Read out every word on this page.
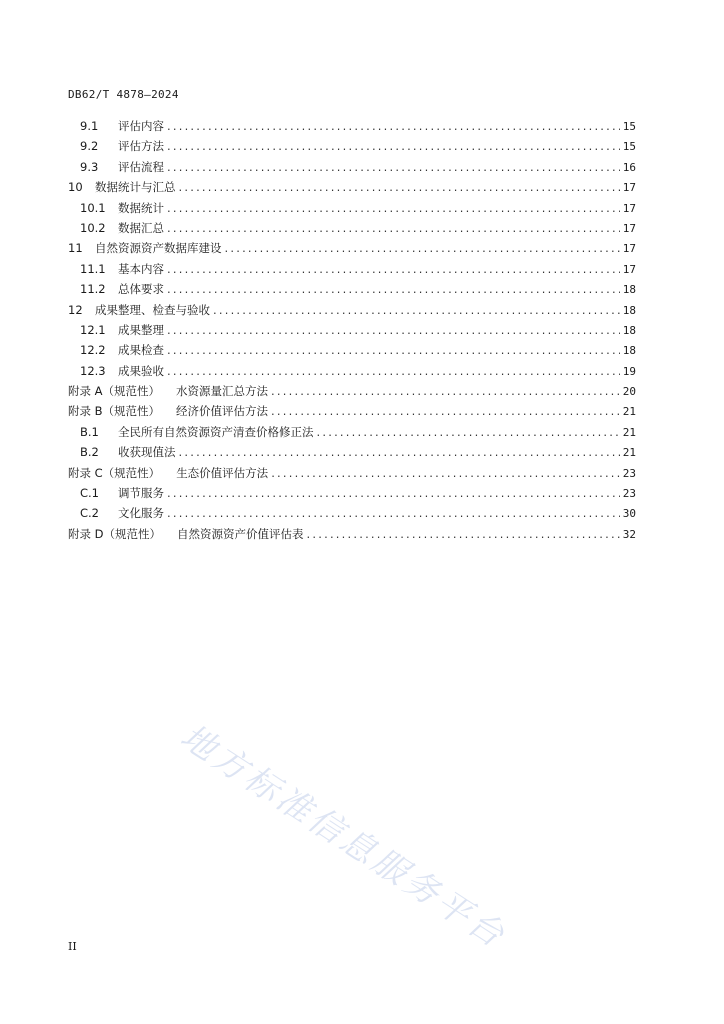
DB62/T 4878—2024
9.1	评估内容 .....	15
9.2	评估方法 .....	15
9.3	评估流程 .....	16
10	数据统计与汇总 .....	17
10.1	数据统计 .....	17
10.2	数据汇总 .....	17
11	自然资源资产数据库建设 .....	17
11.1	基本内容 .....	17
11.2	总体要求 .....	18
12	成果整理、检查与验收 .....	18
12.1	成果整理 .....	18
12.2	成果检查 .....	18
12.3	成果验收 .....	19
附录 A（规范性） 水资源量汇总方法 .....	20
附录 B（规范性） 经济价值评估方法 .....	21
B.1	全民所有自然资源资产清查价格修正法 .....	21
B.2	收获现值法 .....	21
附录 C（规范性） 生态价值评估方法 .....	23
C.1	调节服务 .....	23
C.2	文化服务 .....	30
附录 D（规范性） 自然资源资产价值评估表 .....	32
地方标准信息服务平台
II
